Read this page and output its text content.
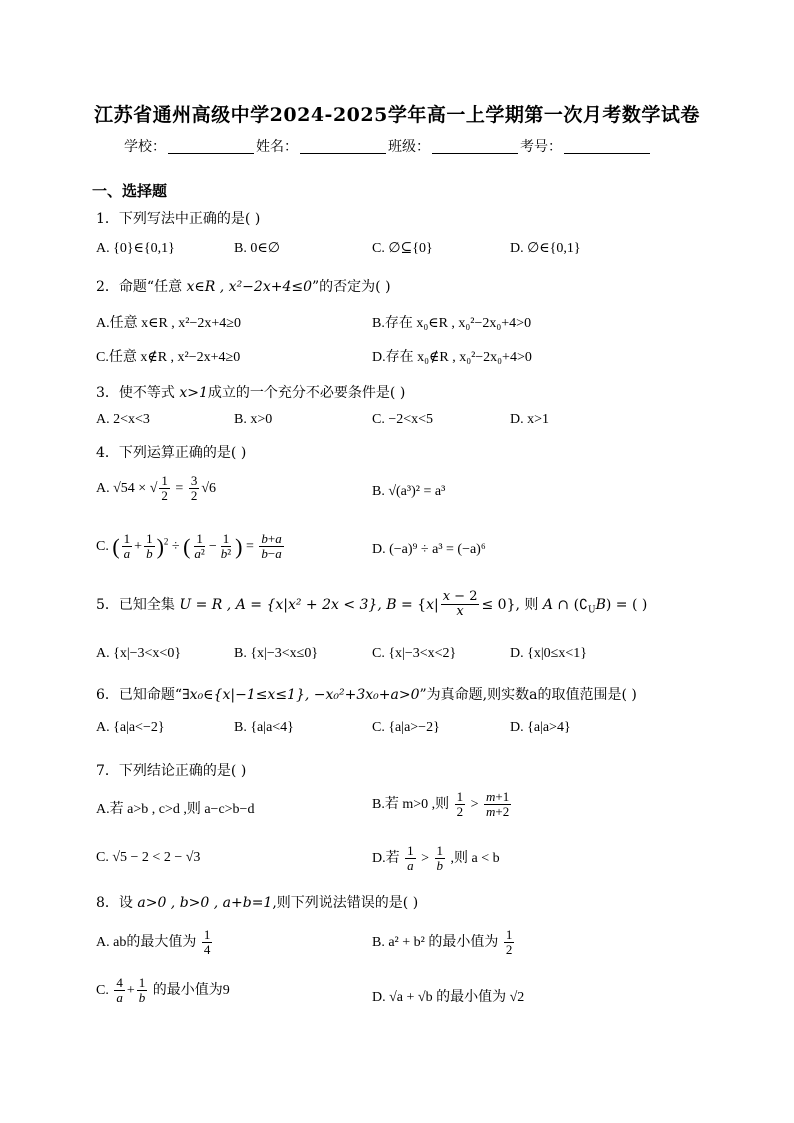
江苏省通州高级中学2024-2025学年高一上学期第一次月考数学试卷
学校：	姓名：	班级：	考号：
一、选择题
1．下列写法中正确的是( )
A. {0}∈{0,1}	B. 0∈∅	C. ∅⊆{0}	D. ∅∈{0,1}
2．命题“任意 x∈R , x²−2x+4≤0”的否定为( )
A.任意 x∈R , x²−2x+4≥0	B.存在 x₀∈R , x₀²−2x₀+4>0
C.任意 x∉R , x²−2x+4≥0	D.存在 x₀∉R , x₀²−2x₀+4>0
3．使不等式 x>1成立的一个充分不必要条件是( )
A. 2<x<3	B. x>0	C. −2<x<5	D. x>1
4．下列运算正确的是( )
A. √54 × √ $\frac{1}{2} = \frac{3}{2} √6$	B. √(a³)² = a³
C. ( $\frac{1}{a} + \frac{1}{b} )^2$ ÷ ( $\frac{1}{\text{a²}} - \frac{1}{\text{b²}}$ ) = $\frac{b+a}{b-a}$	D. (−a)⁹ ÷ a³ = (−a)⁶
5．已知全集 U = R , A = {x|x² + 2x < 3}, $B = \{x| \frac{x - 2}{x} \le 0\}$, 则 A ∩ $(∁_UB)$ = ( )
A. {x|−3<x<0}	B. {x|−3<x≤0}	C. {x|−3<x<2}	D. {x|0≤x<1}
6．已知命题“∃x₀∈{x|−1≤x≤1}, −x₀²+3x₀+a>0”为真命题,则实数a的取值范围是( )
A. {a|a<−2}	B. {a|a<4}	C. {a|a>−2}	D. {a|a>4}
7．下列结论正确的是( )
A.若 a>b , c>d ,则 a−c>b−d	B.若 m>0 ,则 $\frac{1}{2} > \frac{m+1}{m+2}$
C. √5 − 2 < 2 − √3	D.若 $\frac{1}{a} > \frac{1}{b}$ ,则 a < b
8．设 a>0 , b>0 , a+b=1,则下列说法错误的是( )
A. ab的最大值为 $\frac{1}{4}$	B. a² + b² 的最小值为 $\frac{1}{2}$
C. $\frac{4}{a} + \frac{1}{b}$ 的最小值为9	D. √a + √b 的最小值为 √2
